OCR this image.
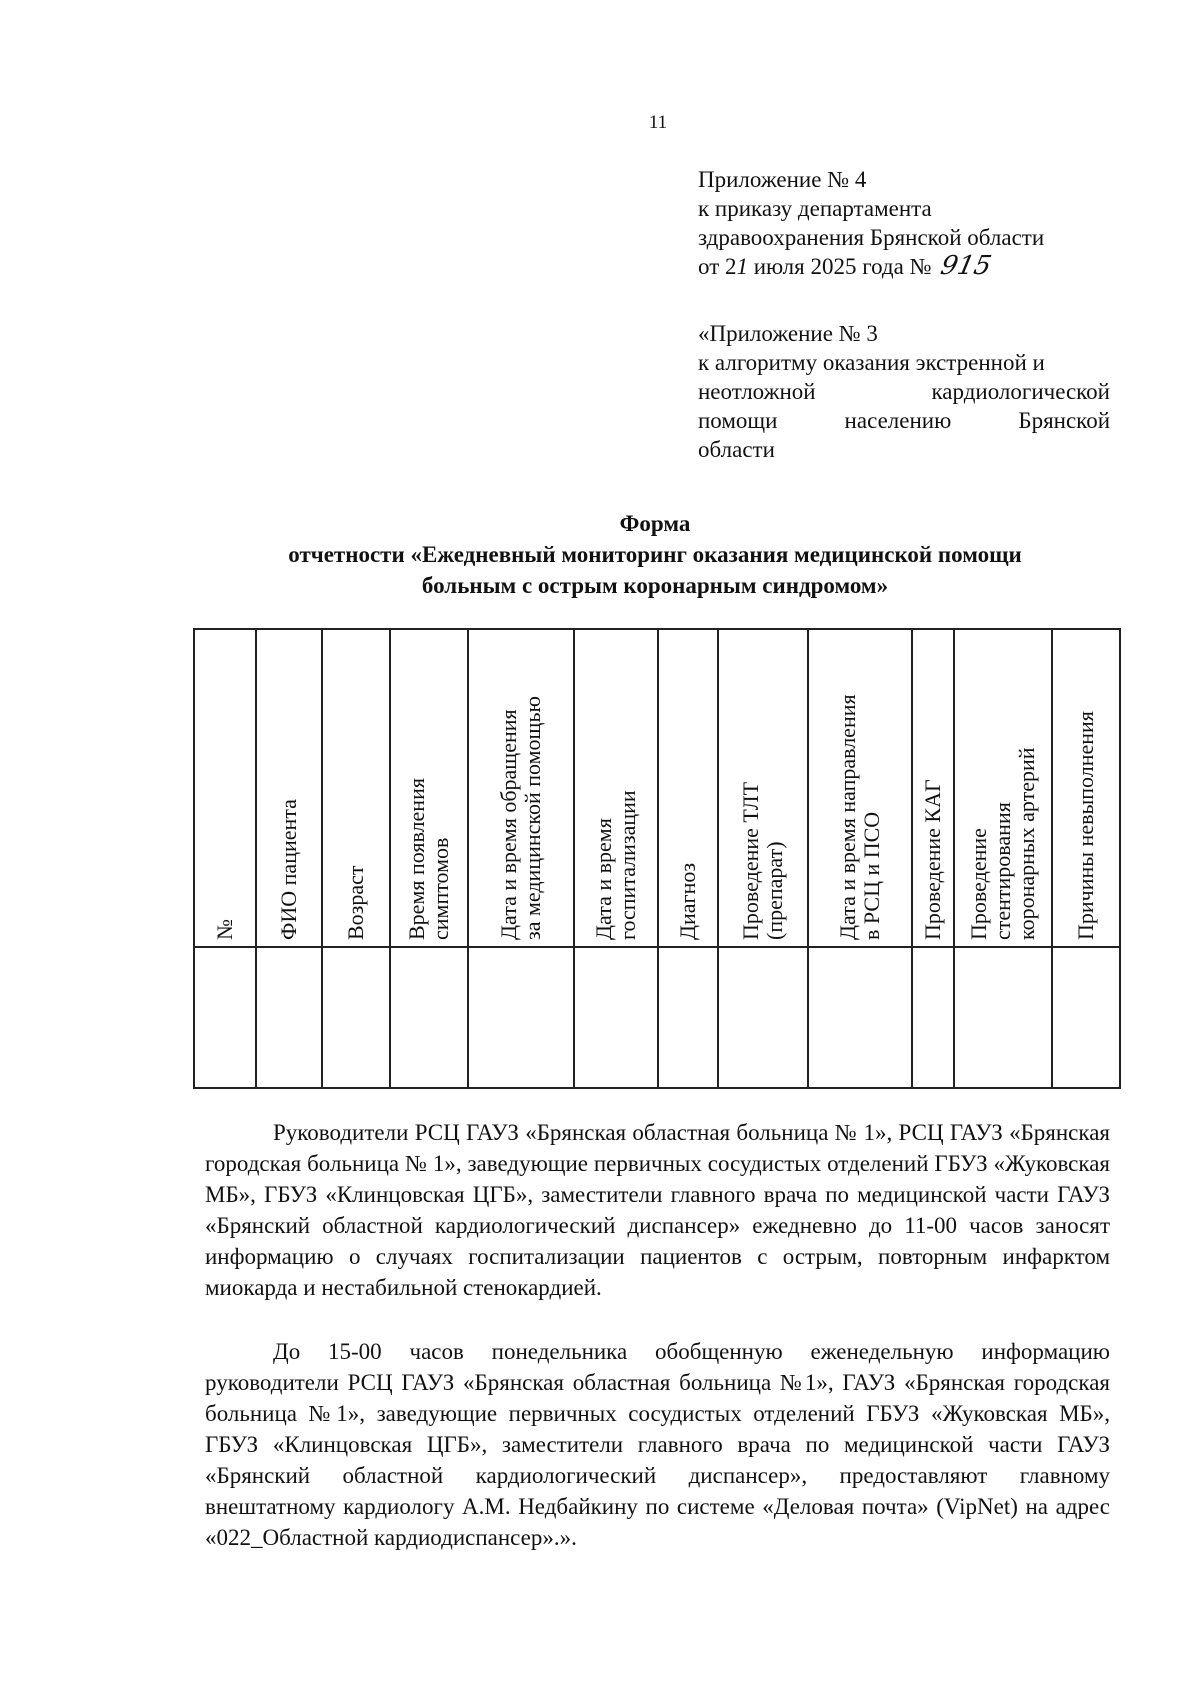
11
Приложение № 4
к приказу департамента
здравоохранения Брянской области
от 21 июля 2025 года № 915
«Приложение № 3
к алгоритму оказания экстренной и
неотложной кардиологической
помощи населению Брянской
области
Форма
отчетности «Ежедневный мониторинг оказания медицинской помощи
больным с острым коронарным синдромом»
№	ФИО пациента	Возраст	Время появления симптомов	Дата и время обращения за медицинской помощью	Дата и время госпитализации	Диагноз	Проведение ТЛТ (препарат)	Дата и время направления в РСЦ и ПСО	Проведение КАГ	Проведение стентирования коронарных артерий	Причины невыполнения

Руководители РСЦ ГАУЗ «Брянская областная больница № 1», РСЦ ГАУЗ «Брянская городская больница № 1», заведующие первичных сосудистых отделений ГБУЗ «Жуковская МБ», ГБУЗ «Клинцовская ЦГБ», заместители главного врача по медицинской части ГАУЗ «Брянский областной кардиологический диспансер» ежедневно до 11-00 часов заносят информацию о случаях госпитализации пациентов с острым, повторным инфарктом миокарда и нестабильной стенокардией.
До 15-00 часов понедельника обобщенную еженедельную информацию руководители РСЦ ГАУЗ «Брянская областная больница №1», ГАУЗ «Брянская городская больница №1», заведующие первичных сосудистых отделений ГБУЗ «Жуковская МБ», ГБУЗ «Клинцовская ЦГБ», заместители главного врача по медицинской части ГАУЗ «Брянский областной кардиологический диспансер», предоставляют главному внештатному кардиологу А.М. Недбайкину по системе «Деловая почта» (VipNet) на адрес «022_Областной кардиодиспансер».».
